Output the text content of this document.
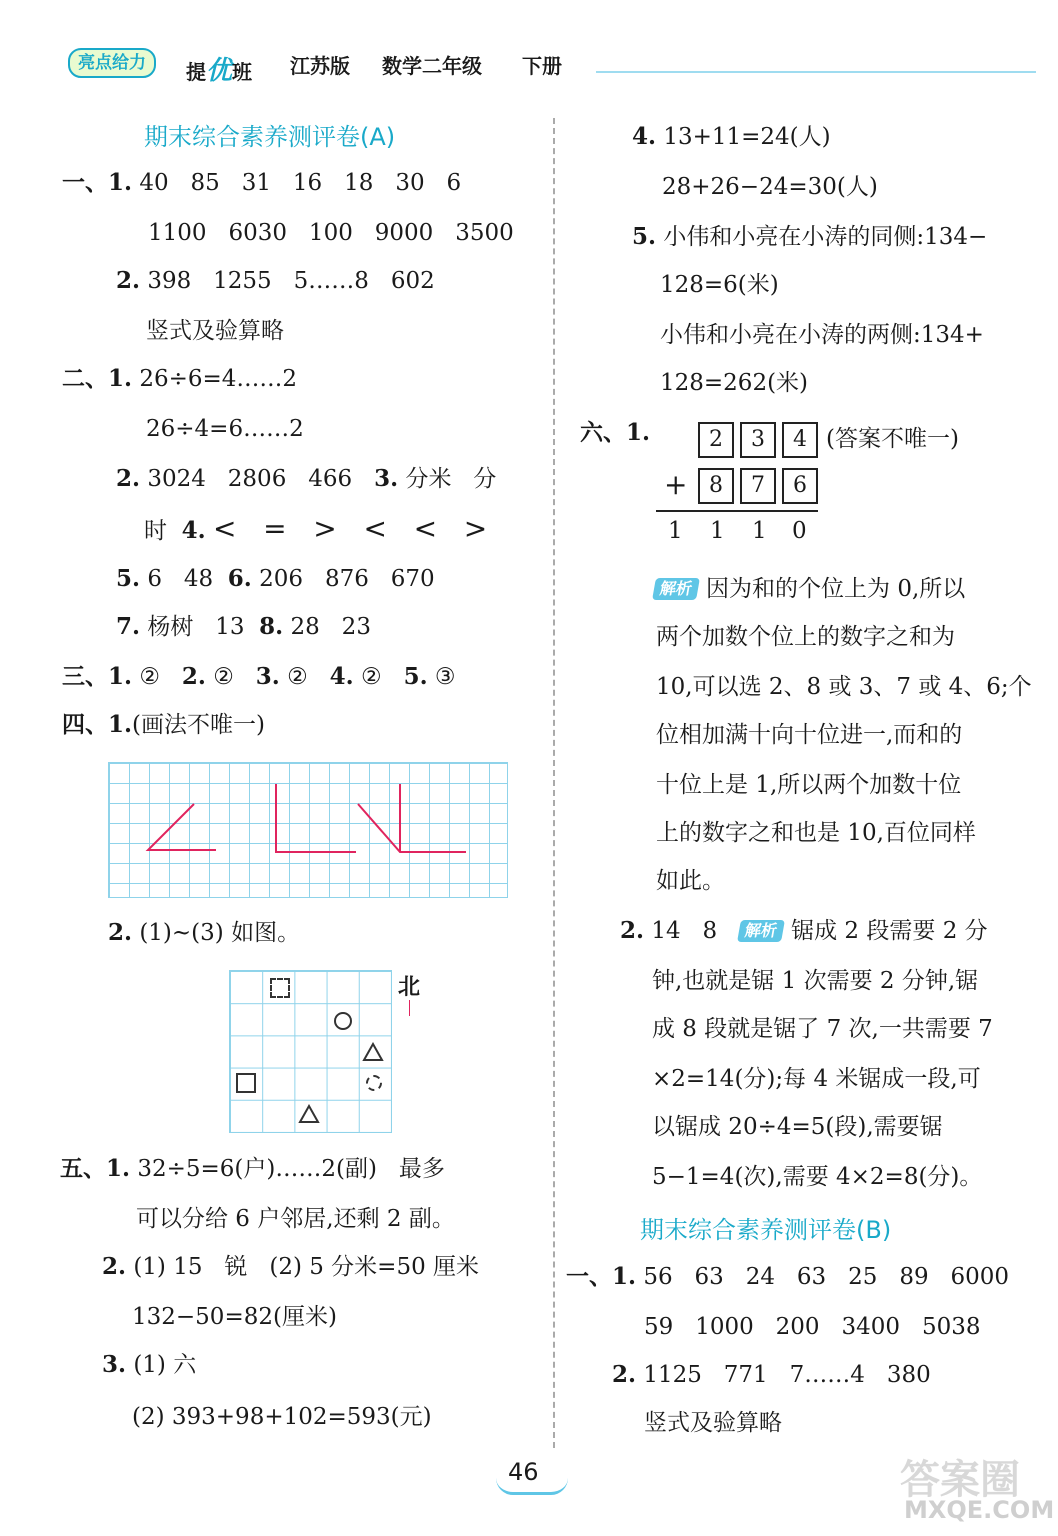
亮点给力	提优班 江苏版 数学二年级 下册
期末综合素养测评卷(A)
一、1. 40   85   31   16   18   30   6
1100   6030   100   9000   3500
2. 398   1255   5……8   602
竖式及验算略
二、1. 26÷6=4……2
26÷4=6……2
2. 3024   2806   466 3. 分米   分
时 4. <   =   >   <   <   >
5. 6   48 6. 206   876   670
7. 杨树   13 8. 28   23
三、1. ② 2. ② 3. ② 4. ② 5. ③
四、1.(画法不唯一)
2. (1)~(3) 如图。
北
五、1. 32÷5=6(户)……2(副)   最多
可以分给 6 户邻居,还剩 2 副。
2. (1) 15   锐   (2) 5 分米=50 厘米
132−50=82(厘米)
3. (1) 六
(2) 393+98+102=593(元)
4. 13+11=24(人)
28+26−24=30(人)
5. 小伟和小亮在小涛的同侧:134−
128=6(米)
小伟和小亮在小涛的两侧:134+
128=262(米)
六、1.	2	3	4 (答案不唯一)
+ 8	7	6
1 1 1 0
解析 因为和的个位上为 0,所以
两个加数个位上的数字之和为
10,可以选 2、8 或 3、7 或 4、6;个
位相加满十向十位进一,而和的
十位上是 1,所以两个加数十位
上的数字之和也是 10,百位同样
如此。
2. 14   8 解析 锯成 2 段需要 2 分
钟,也就是锯 1 次需要 2 分钟,锯
成 8 段就是锯了 7 次,一共需要 7
×2=14(分);每 4 米锯成一段,可
以锯成 20÷4=5(段),需要锯
5−1=4(次),需要 4×2=8(分)。
期末综合素养测评卷(B)
一、1. 56   63   24   63   25   89   6000
59   1000   200   3400   5038
2. 1125   771   7……4   380
竖式及验算略
46	答案圈
MXQE.COM
